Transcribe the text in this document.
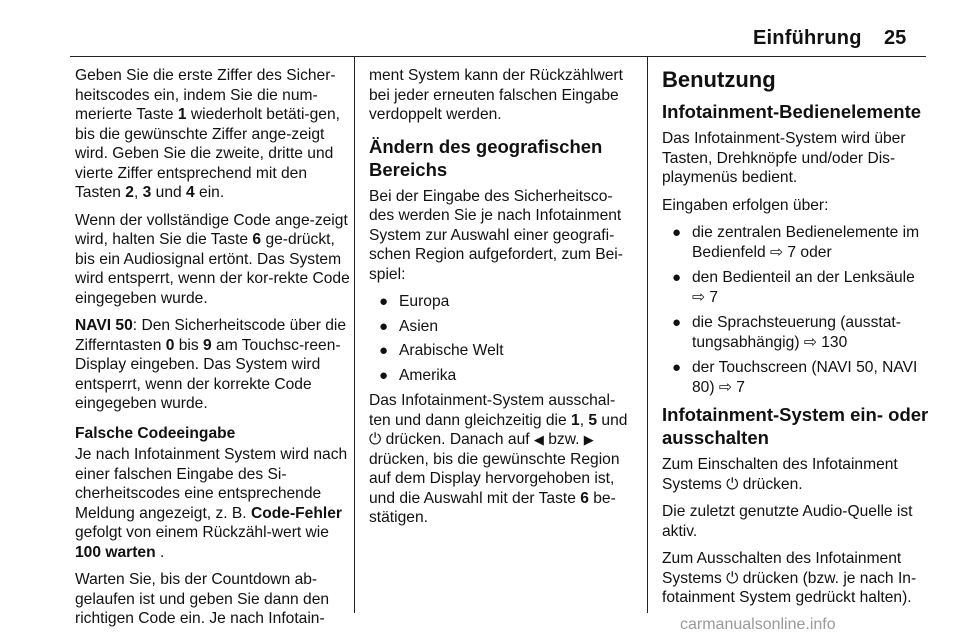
Einführung 25

Geben Sie die erste Ziffer des Sicher-heitscodes ein, indem Sie die num-merierte Taste 1 wiederholt betäti-gen, bis die gewünschte Ziffer ange-zeigt wird. Geben Sie die zweite, dritte und vierte Ziffer entsprechend mit den Tasten 2, 3 und 4 ein.

Wenn der vollständige Code ange-zeigt wird, halten Sie die Taste 6 ge-drückt, bis ein Audiosignal ertönt. Das System wird entsperrt, wenn der kor-rekte Code eingegeben wurde.

NAVI 50: Den Sicherheitscode über die Zifferntasten 0 bis 9 am Touchsc-reen-Display eingeben. Das System wird entsperrt, wenn der korrekte Code eingegeben wurde.

Falsche Codeeingabe

Je nach Infotainment System wird nach einer falschen Eingabe des Si-cherheitscodes eine entsprechende Meldung angezeigt, z. B. Code-Fehler gefolgt von einem Rückzähl-wert wie 100 warten .

Warten Sie, bis der Countdown ab-gelaufen ist und geben Sie dann den richtigen Code ein. Je nach Infotain-

ment System kann der Rückzählwert bei jeder erneuten falschen Eingabe verdoppelt werden.

Ändern des geografischen Bereichs

Bei der Eingabe des Sicherheitsco-des werden Sie je nach Infotainment System zur Auswahl einer geografi-schen Region aufgefordert, zum Bei-spiel:

● Europa
● Asien
● Arabische Welt
● Amerika

Das Infotainment-System ausschal-ten und dann gleichzeitig die 1, 5 und ⏻ drücken. Danach auf ◀ bzw. ▶ drücken, bis die gewünschte Region auf dem Display hervorgehoben ist, und die Auswahl mit der Taste 6 be-stätigen.

Benutzung
Infotainment-Bedienelemente

Das Infotainment-System wird über Tasten, Drehknöpfe und/oder Dis-playmenüs bedient.

Eingaben erfolgen über:

● die zentralen Bedienelemente im Bedienfeld ⇨ 7 oder
● den Bedienteil an der Lenksäule ⇨ 7
● die Sprachsteuerung (ausstat-tungsabhängig) ⇨ 130
● der Touchscreen (NAVI 50, NAVI 80) ⇨ 7
Infotainment-System ein- oder ausschalten

Zum Einschalten des Infotainment Systems ⏻ drücken.

Die zuletzt genutzte Audio-Quelle ist aktiv.

Zum Ausschalten des Infotainment Systems ⏻ drücken (bzw. je nach In-fotainment System gedrückt halten).

carmanualsonline.info
